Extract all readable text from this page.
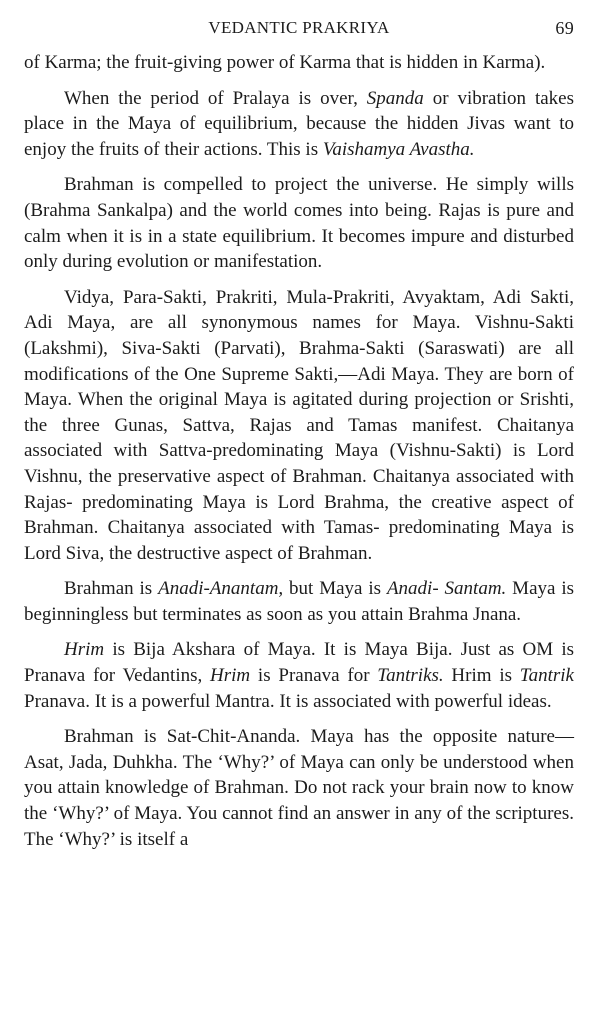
VEDANTIC PRAKRIYA	69

of Karma; the fruit-giving power of Karma that is hidden in Karma).

When the period of Pralaya is over, Spanda or vibration takes place in the Maya of equilibrium, because the hidden Jivas want to enjoy the fruits of their actions. This is Vaishamya Avastha.

Brahman is compelled to project the universe. He simply wills (Brahma Sankalpa) and the world comes into being. Rajas is pure and calm when it is in a state equilibrium. It becomes impure and disturbed only during evolution or manifestation.

Vidya, Para-Sakti, Prakriti, Mula-Prakriti, Avyaktam, Adi Sakti, Adi Maya, are all synonymous names for Maya. Vishnu-Sakti (Lakshmi), Siva-Sakti (Parvati), Brahma-Sakti (Saraswati) are all modifications of the One Supreme Sakti,—Adi Maya. They are born of Maya. When the original Maya is agitated during projection or Srishti, the three Gunas, Sattva, Rajas and Tamas manifest. Chaitanya associated with Sattva-predominating Maya (Vishnu-Sakti) is Lord Vishnu, the preservative aspect of Brahman. Chaitanya associated with Rajas- predominating Maya is Lord Brahma, the creative aspect of Brahman. Chaitanya associated with Tamas- predominating Maya is Lord Siva, the destructive aspect of Brahman.

Brahman is Anadi-Anantam, but Maya is Anadi- Santam. Maya is beginningless but terminates as soon as you attain Brahma Jnana.

Hrim is Bija Akshara of Maya. It is Maya Bija. Just as OM is Pranava for Vedantins, Hrim is Pranava for Tantriks. Hrim is Tantrik Pranava. It is a powerful Mantra. It is associated with powerful ideas.

Brahman is Sat-Chit-Ananda. Maya has the opposite nature—Asat, Jada, Duhkha. The ‘Why?’ of Maya can only be understood when you attain knowledge of Brahman. Do not rack your brain now to know the ‘Why?’ of Maya. You cannot find an answer in any of the scriptures. The ‘Why?’ is itself a
